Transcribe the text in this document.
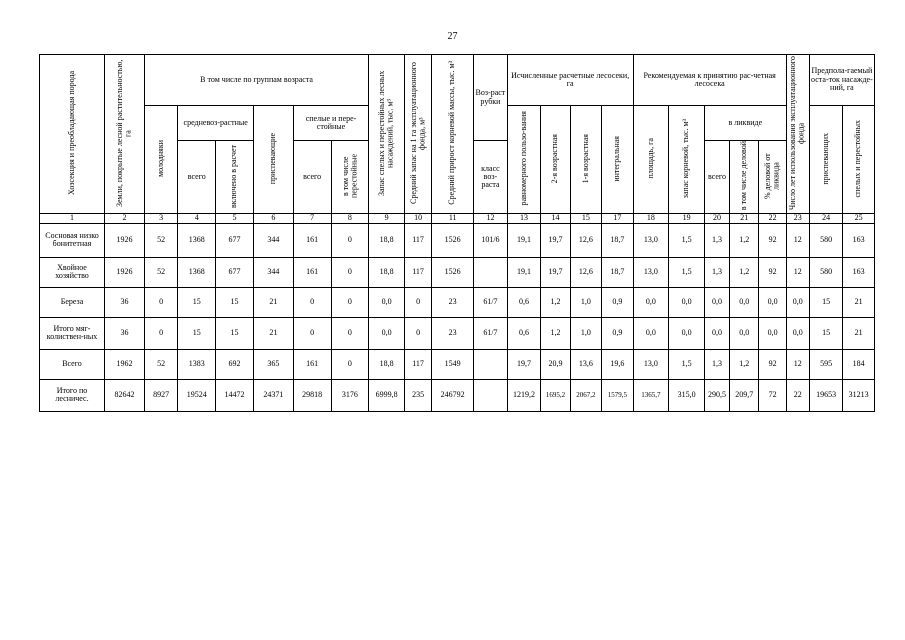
27
Хозсекция и преобладающая порода	Земли, покрытые лесной растительностью, га	В том числе по группам возраста						Запас спелых и перестойных лесных насаждений, тыс. м³	Средний запас на 1 га эксплуатационного фонда, м³	Средний прирост корневой массы, тыс. м³	Воз-раст рубки	Исчисленные расчетные лесосеки, га				Рекомендуемая к принятию рас-четная лесосека					Число лет использования эксплуатационного фонда	Предпола-гаемый оста-ток насажде-ний, га	
		молодняки	средневоз-растные		приспевающие	спелые и пере-стойные						равномерного пользо-вания	2-я возрастная	1-я возрастная	интегральная	площадь, га	запас корневой, тыс. м³	в ликвиде				приспевающих	спелых и перестойных
			всего	включено в расчет		всего	в том числе перестойные											всего	в том числе деловой	% деловой от ликвида			
											класс воз-раста												
1	2	3	4	5	6	7	8	9	10	11	12	13	14	15	17	18	19	20	21	22	23	24	25
Сосновая низко бонитетная	1926	52	1368	677	344	161	0	18,8	117	1526	101/6	19,1	19,7	12,6	18,7	13,0	1,5	1,3	1,2	92	12	580	163
Хвойное хозяйство	1926	52	1368	677	344	161	0	18,8	117	1526		19,1	19,7	12,6	18,7	13,0	1,5	1,3	1,2	92	12	580	163
Береза	36	0	15	15	21	0	0	0,0	0	23	61/7	0,6	1,2	1,0	0,9	0,0	0,0	0,0	0,0	0,0	0,0	15	21
Итого мяг-колиствен-ных	36	0	15	15	21	0	0	0,0	0	23	61/7	0,6	1,2	1,0	0,9	0,0	0,0	0,0	0,0	0,0	0,0	15	21
Всего	1962	52	1383	692	365	161	0	18,8	117	1549		19,7	20,9	13,6	19,6	13,0	1,5	1,3	1,2	92	12	595	184
Итого по лесничес.	82642	8927	19524	14472	24371	29818	3176	6999,8	235	246792		1219,2	1695,2	2067,2	1579,5	1365,7	315,0	290,5	209,7	72	22	19653	31213
